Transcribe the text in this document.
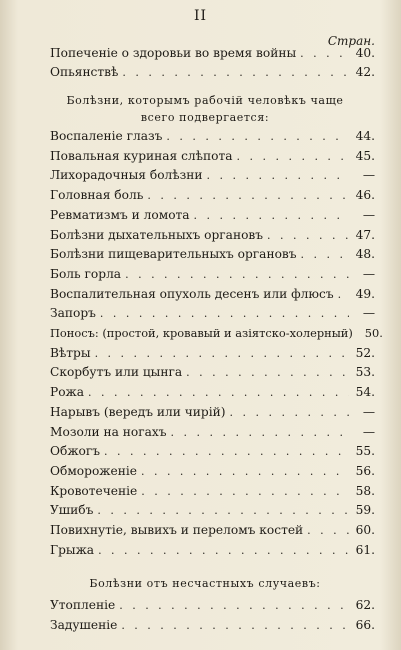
II
Стран.
Попеченіе о здоровьи во время войны . . .	40.
Опьянствѣ . . .	42.
Болѣзни, которымъ рабочій человѣкъ чаще
всего подвергается:
Воспаленіе глазъ . . .	44.
Повальная куриная слѣпота . . .	45.
Лихорадочныя болѣзни . . .	—
Головная боль . . .	46.
Ревматизмъ и ломота . . .	—
Болѣзни дыхательныхъ органовъ . . .	47.
Болѣзни пищеварительныхъ органовъ . . .	48.
Боль горла . . .	—
Воспалительная опухоль десенъ или флюсъ . . . 49.
Запоръ . . .	—
Поносъ: (простой, кровавый и азіятско-холерный)	50.
Вѣтры . . .	52.
Скорбутъ или цынга . . .	53.
Рожа . . .	54.
Нарывъ (вередъ или чирій) . . .	—
Мозоли на ногахъ . . .	—
Обжогъ . . .	55.
Обмороженіе . . .	56.
Кровотеченіе . . .	58.
Ушибъ . . .	59.
Повихнутіе, вывихъ и переломъ костей . . .	60.
Грыжа . . .	61.
Болѣзни отъ несчастныхъ случаевъ:
Утопленіе . . .	62.
Задушеніе . . .	66.
